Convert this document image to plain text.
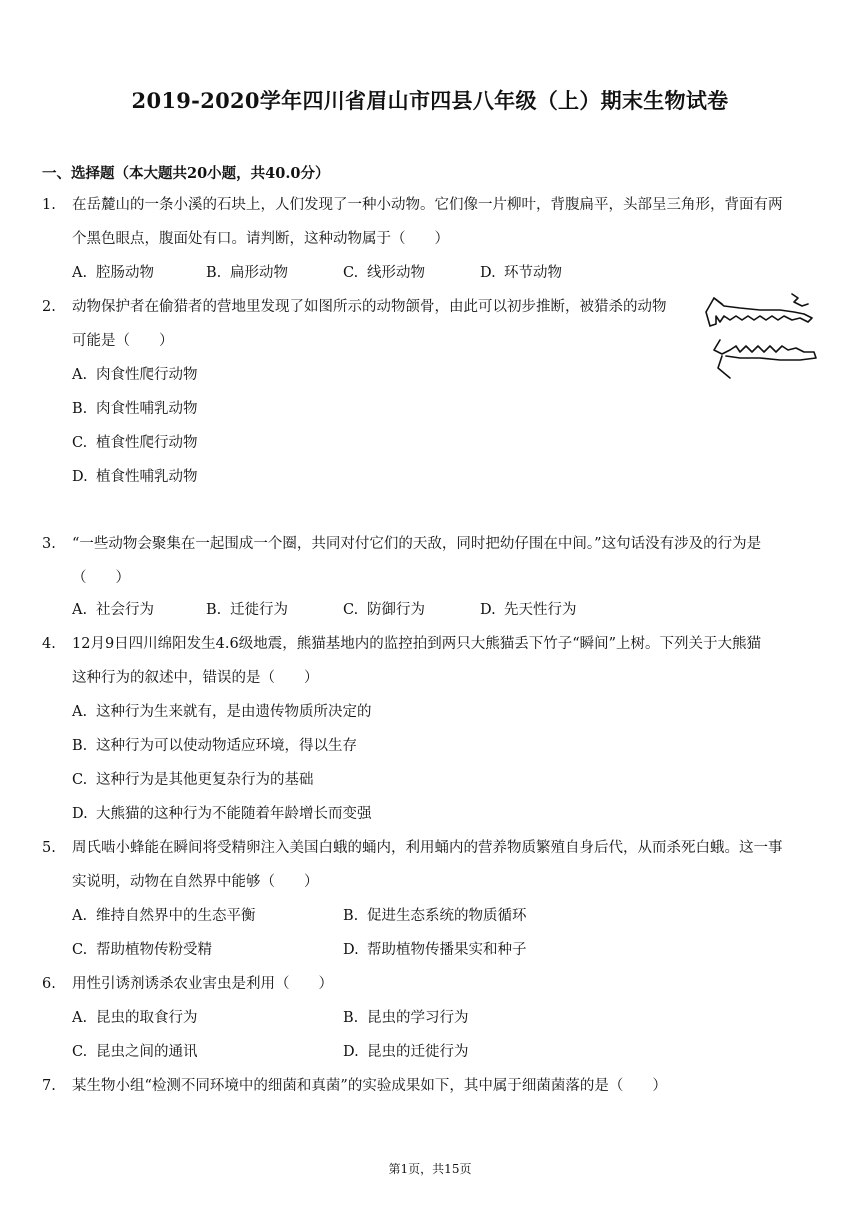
2019-2020学年四川省眉山市四县八年级（上）期末生物试卷
一、选择题（本大题共20小题，共40.0分）
1. 在岳麓山的一条小溪的石块上，人们发现了一种小动物。它们像一片柳叶，背腹扁平，头部呈三角形，背面有两
个黑色眼点，腹面处有口。请判断，这种动物属于（　　）
A. 腔肠动物	B. 扁形动物	C. 线形动物	D. 环节动物
2. 动物保护者在偷猎者的营地里发现了如图所示的动物颌骨，由此可以初步推断，被猎杀的动物
可能是（　　）
A. 肉食性爬行动物
B. 肉食性哺乳动物
C. 植食性爬行动物
D. 植食性哺乳动物
3. “一些动物会聚集在一起围成一个圈，共同对付它们的天敌，同时把幼仔围在中间。”这句话没有涉及的行为是
（　　）
A. 社会行为	B. 迁徙行为	C. 防御行为	D. 先天性行为
4. 12月9日四川绵阳发生4.6级地震，熊猫基地内的监控拍到两只大熊猫丢下竹子“瞬间”上树。下列关于大熊猫
这种行为的叙述中，错误的是（　　）
A. 这种行为生来就有，是由遗传物质所决定的
B. 这种行为可以使动物适应环境，得以生存
C. 这种行为是其他更复杂行为的基础
D. 大熊猫的这种行为不能随着年龄增长而变强
5. 周氏啮小蜂能在瞬间将受精卵注入美国白蛾的蛹内，利用蛹内的营养物质繁殖自身后代，从而杀死白蛾。这一事
实说明，动物在自然界中能够（　　）
A. 维持自然界中的生态平衡	B. 促进生态系统的物质循环
C. 帮助植物传粉受精	D. 帮助植物传播果实和种子
6. 用性引诱剂诱杀农业害虫是利用（　　）
A. 昆虫的取食行为	B. 昆虫的学习行为
C. 昆虫之间的通讯	D. 昆虫的迁徙行为
7. 某生物小组“检测不同环境中的细菌和真菌”的实验成果如下，其中属于细菌菌落的是（　　）
第1页，共15页
